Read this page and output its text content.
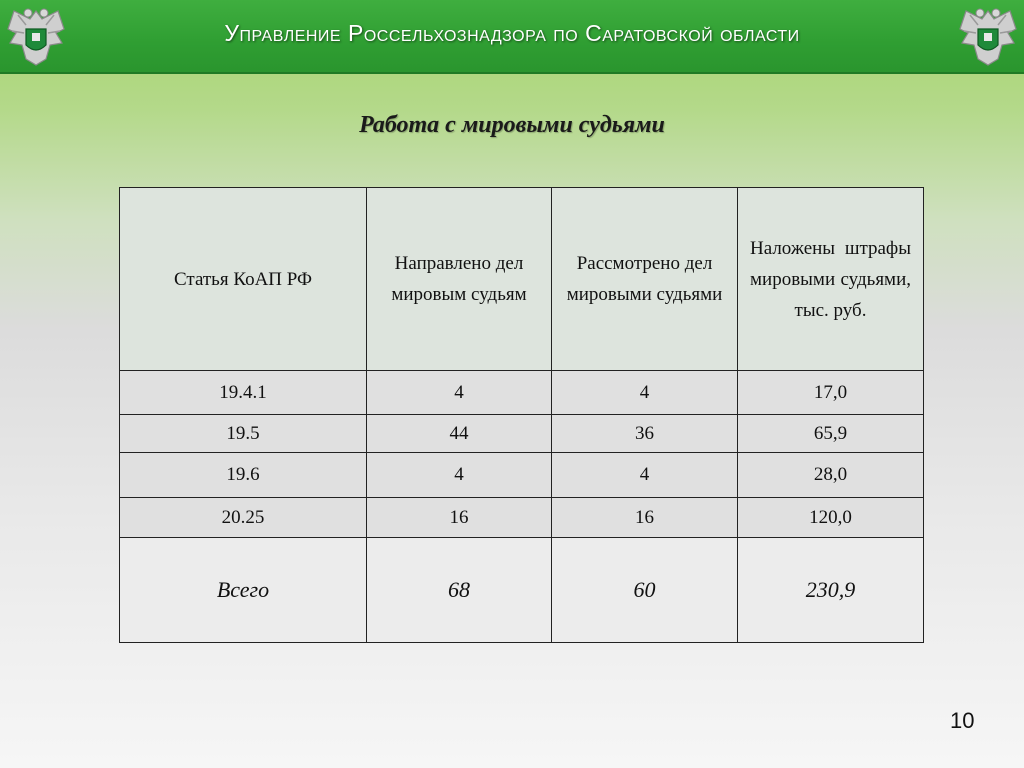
Управление Россельхознадзора по Саратовской области
Работа с мировыми судьями
Статья КоАП РФ	Направлено дел мировым судьям	Рассмотрено дел мировыми судьями	Наложены штрафы мировыми судьями, тыс. руб.
19.4.1	4	4	17,0
19.5	44	36	65,9
19.6	4	4	28,0
20.25	16	16	120,0
Всего	68	60	230,9
10
